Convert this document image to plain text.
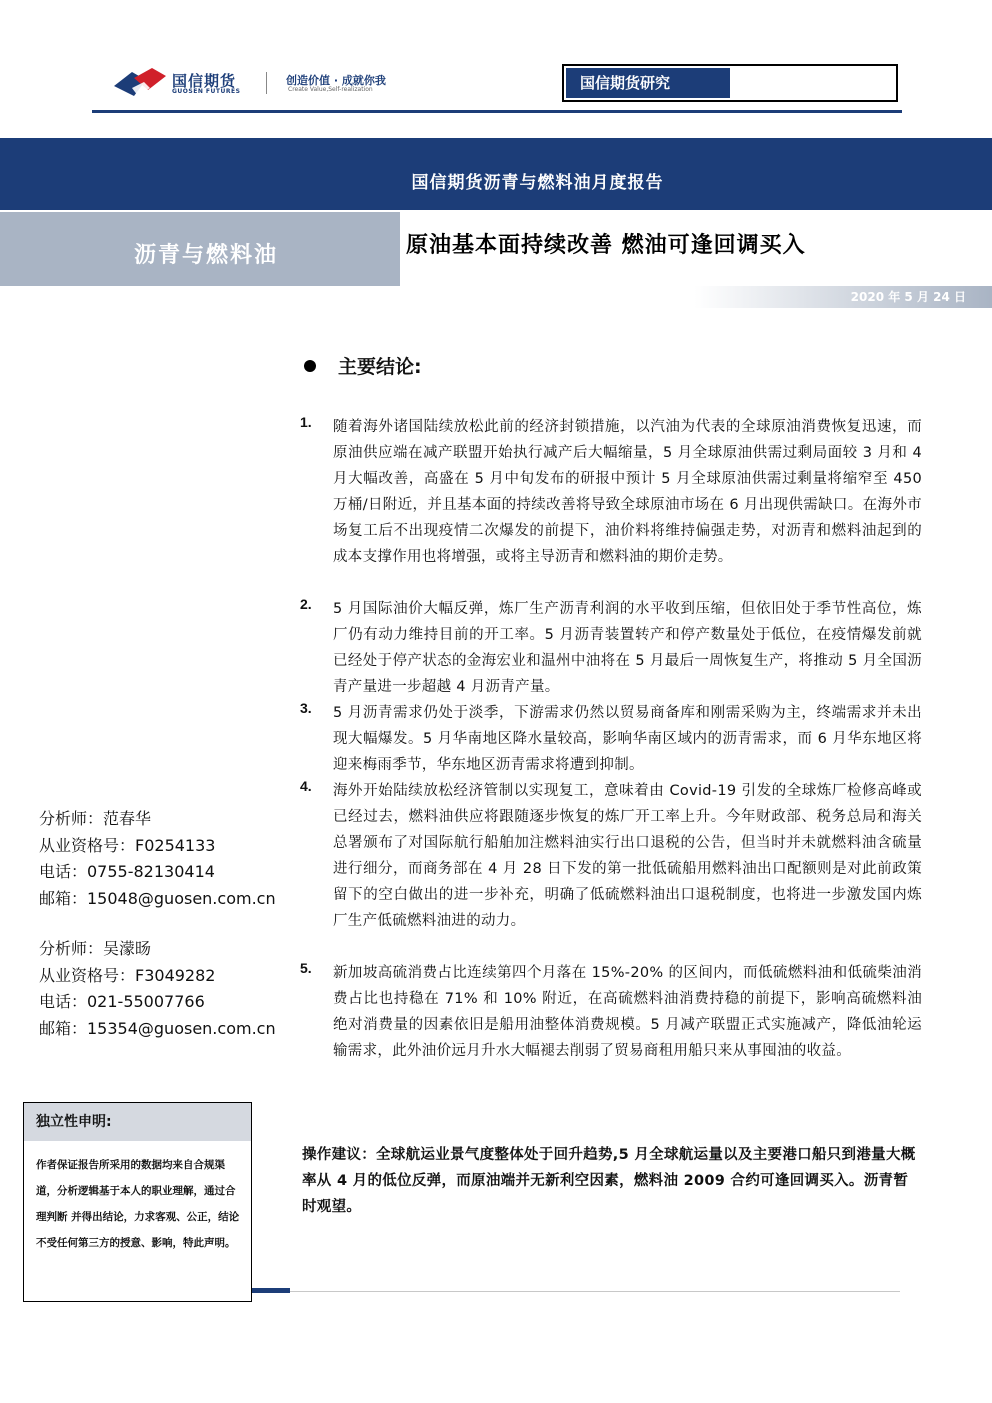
国信期货
GUOSEN FUTURES
创造价值 · 成就你我
Create Value,Self-realization	国信期货研究
国信期货沥青与燃料油月度报告
沥青与燃料油	原油基本面持续改善 燃油可逢回调买入
2020 年 5 月 24 日
主要结论:
1. 随着海外诸国陆续放松此前的经济封锁措施，以汽油为代表的全球原油消费恢复迅速，而原油供应端在减产联盟开始执行减产后大幅缩量，5 月全球原油供需过剩局面较 3 月和 4 月大幅改善，高盛在 5 月中旬发布的研报中预计 5 月全球原油供需过剩量将缩窄至 450 万桶/日附近，并且基本面的持续改善将导致全球原油市场在 6 月出现供需缺口。在海外市场复工后不出现疫情二次爆发的前提下，油价料将维持偏强走势，对沥青和燃料油起到的成本支撑作用也将增强，或将主导沥青和燃料油的期价走势。
2. 5 月国际油价大幅反弹，炼厂生产沥青利润的水平收到压缩，但依旧处于季节性高位，炼厂仍有动力维持目前的开工率。5 月沥青装置转产和停产数量处于低位，在疫情爆发前就已经处于停产状态的金海宏业和温州中油将在 5 月最后一周恢复生产，将推动 5 月全国沥青产量进一步超越 4 月沥青产量。
3. 5 月沥青需求仍处于淡季，下游需求仍然以贸易商备库和刚需采购为主，终端需求并未出现大幅爆发。5 月华南地区降水量较高，影响华南区域内的沥青需求，而 6 月华东地区将迎来梅雨季节，华东地区沥青需求将遭到抑制。
4. 海外开始陆续放松经济管制以实现复工，意味着由 Covid-19 引发的全球炼厂检修高峰或已经过去，燃料油供应将跟随逐步恢复的炼厂开工率上升。今年财政部、税务总局和海关总署颁布了对国际航行船舶加注燃料油实行出口退税的公告，但当时并未就燃料油含硫量进行细分，而商务部在 4 月 28 日下发的第一批低硫船用燃料油出口配额则是对此前政策留下的空白做出的进一步补充，明确了低硫燃料油出口退税制度，也将进一步激发国内炼厂生产低硫燃料油进的动力。
5. 新加坡高硫消费占比连续第四个月落在 15%-20% 的区间内，而低硫燃料油和低硫柴油消费占比也持稳在 71% 和 10% 附近，在高硫燃料油消费持稳的前提下，影响高硫燃料油绝对消费量的因素依旧是船用油整体消费规模。5 月减产联盟正式实施减产，降低油轮运输需求，此外油价远月升水大幅褪去削弱了贸易商租用船只来从事囤油的收益。
分析师：范春华
从业资格号：F0254133
电话：0755-82130414
邮箱：15048@guosen.com.cn
分析师：吴濛旸
从业资格号：F3049282
电话：021-55007766
邮箱：15354@guosen.com.cn
独立性申明:
作者保证报告所采用的数据均来自合规渠道，分析逻辑基于本人的职业理解，通过合理判断 并得出结论，力求客观、公正，结论不受任何第三方的授意、影响，特此声明。
操作建议：全球航运业景气度整体处于回升趋势,5 月全球航运量以及主要港口船只到港量大概率从 4 月的低位反弹，而原油端并无新利空因素，燃料油 2009 合约可逢回调买入。沥青暂时观望。
